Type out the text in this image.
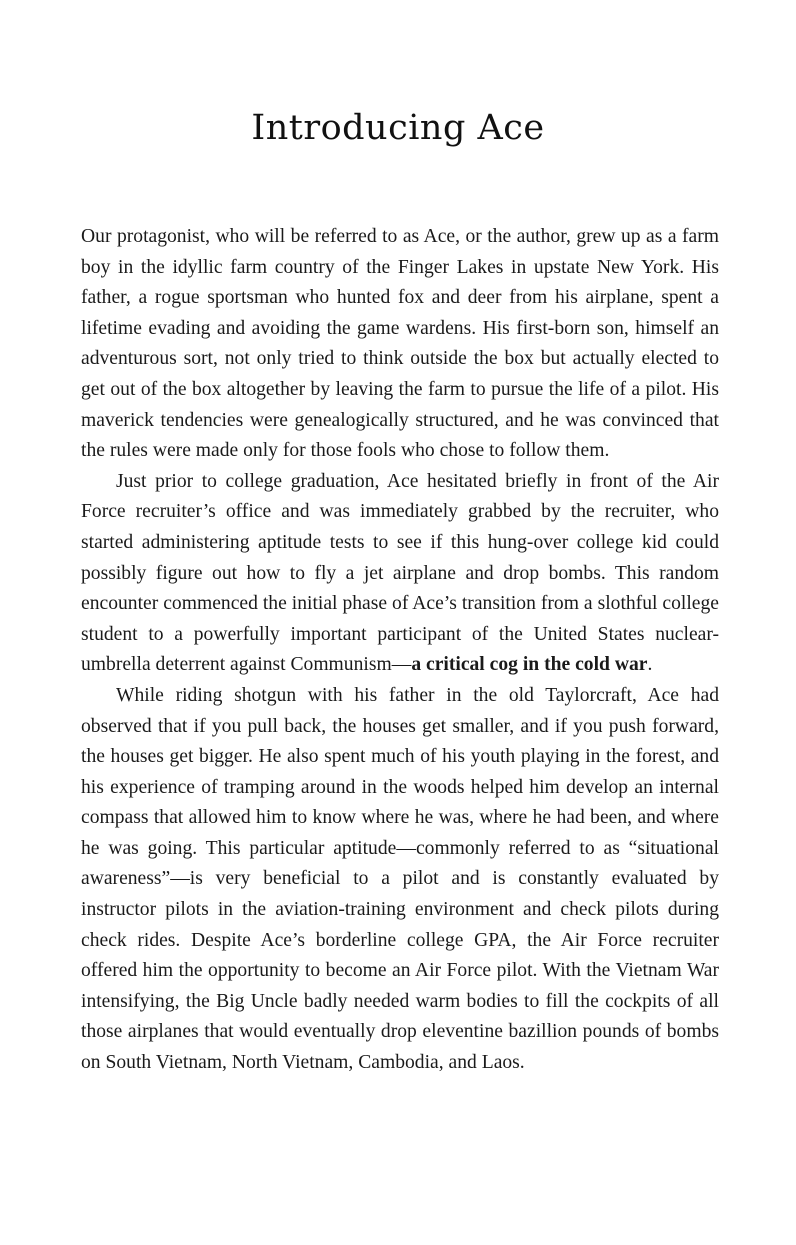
Introducing Ace

Our protagonist, who will be referred to as Ace, or the author, grew up as a farm boy in the idyllic farm country of the Finger Lakes in upstate New York. His father, a rogue sportsman who hunted fox and deer from his airplane, spent a lifetime evading and avoiding the game wardens. His first-born son, himself an adventurous sort, not only tried to think outside the box but actually elected to get out of the box altogether by leaving the farm to pursue the life of a pilot. His maverick tendencies were genealogically structured, and he was convinced that the rules were made only for those fools who chose to follow them.

Just prior to college graduation, Ace hesitated briefly in front of the Air Force recruiter’s office and was immediately grabbed by the recruiter, who started administering aptitude tests to see if this hung-over college kid could possibly figure out how to fly a jet airplane and drop bombs. This random encounter commenced the initial phase of Ace’s transition from a slothful college student to a powerfully important participant of the United States nuclear-umbrella deterrent against Communism—a critical cog in the cold war.

While riding shotgun with his father in the old Taylorcraft, Ace had observed that if you pull back, the houses get smaller, and if you push forward, the houses get bigger. He also spent much of his youth playing in the forest, and his experience of tramping around in the woods helped him develop an internal compass that allowed him to know where he was, where he had been, and where he was going. This particular aptitude—commonly referred to as “situational awareness”—is very beneficial to a pilot and is constantly evaluated by instructor pilots in the aviation-training environment and check pilots during check rides. Despite Ace’s borderline college GPA, the Air Force recruiter offered him the opportunity to become an Air Force pilot. With the Vietnam War intensifying, the Big Uncle badly needed warm bodies to fill the cockpits of all those airplanes that would eventually drop eleventine bazillion pounds of bombs on South Vietnam, North Vietnam, Cambodia, and Laos.
